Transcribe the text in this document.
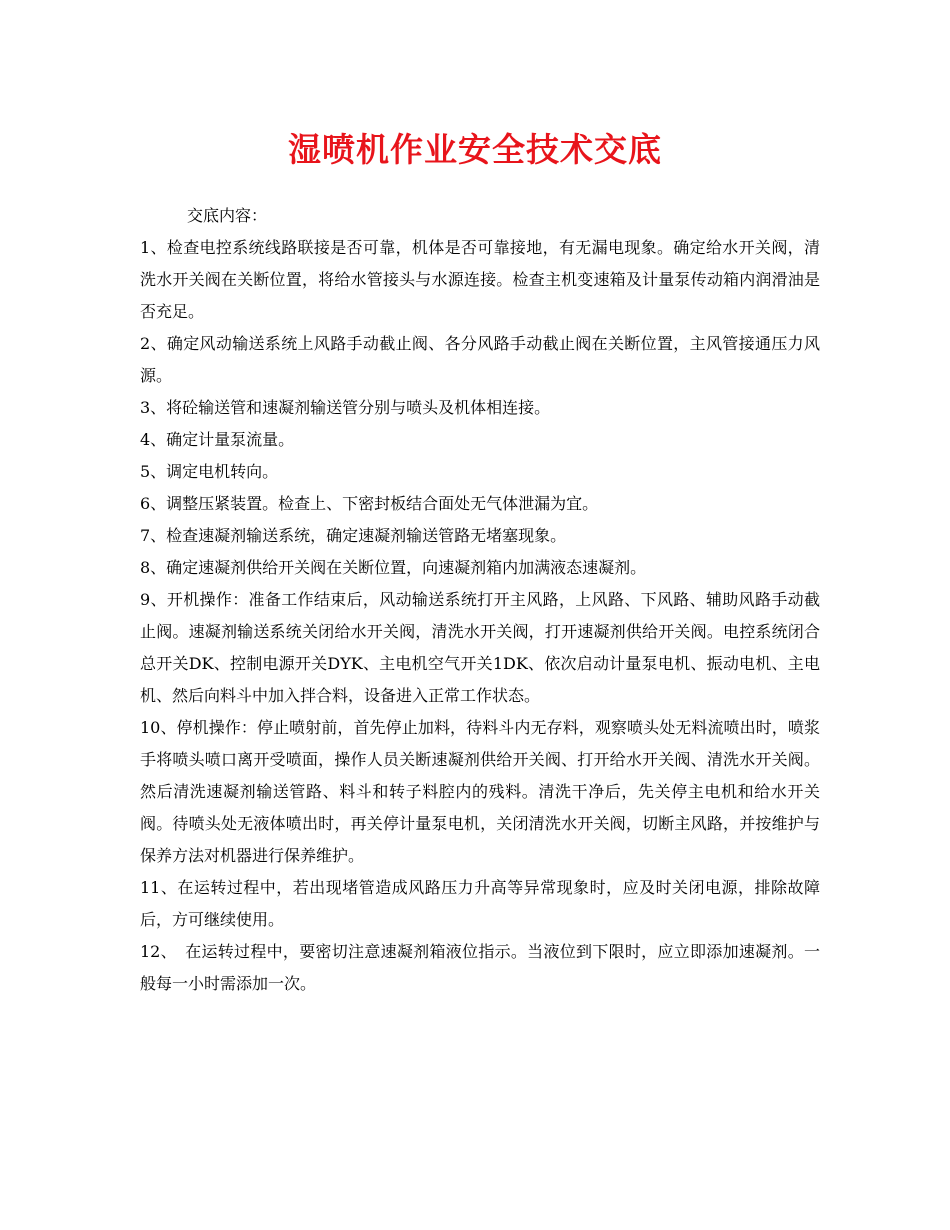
湿喷机作业安全技术交底

交底内容：

1、检查电控系统线路联接是否可靠，机体是否可靠接地，有无漏电现象。确定给水开关阀，清洗水开关阀在关断位置，将给水管接头与水源连接。检查主机变速箱及计量泵传动箱内润滑油是否充足。

2、确定风动输送系统上风路手动截止阀、各分风路手动截止阀在关断位置，主风管接通压力风源。

3、将砼输送管和速凝剂输送管分别与喷头及机体相连接。

4、确定计量泵流量。

5、调定电机转向。

6、调整压紧装置。检查上、下密封板结合面处无气体泄漏为宜。

7、检查速凝剂输送系统，确定速凝剂输送管路无堵塞现象。

8、确定速凝剂供给开关阀在关断位置，向速凝剂箱内加满液态速凝剂。

9、开机操作：准备工作结束后，风动输送系统打开主风路，上风路、下风路、辅助风路手动截止阀。速凝剂输送系统关闭给水开关阀，清洗水开关阀，打开速凝剂供给开关阀。电控系统闭合总开关DK、控制电源开关DYK、主电机空气开关1DK、依次启动计量泵电机、振动电机、主电机、然后向料斗中加入拌合料，设备进入正常工作状态。

10、停机操作：停止喷射前，首先停止加料，待料斗内无存料，观察喷头处无料流喷出时，喷浆手将喷头喷口离开受喷面，操作人员关断速凝剂供给开关阀、打开给水开关阀、清洗水开关阀。然后清洗速凝剂输送管路、料斗和转子料腔内的残料。清洗干净后，先关停主电机和给水开关阀。待喷头处无液体喷出时，再关停计量泵电机，关闭清洗水开关阀，切断主风路，并按维护与保养方法对机器进行保养维护。

11、在运转过程中，若出现堵管造成风路压力升高等异常现象时，应及时关闭电源，排除故障后，方可继续使用。

12、　在运转过程中，要密切注意速凝剂箱液位指示。当液位到下限时，应立即添加速凝剂。一般每一小时需添加一次。
